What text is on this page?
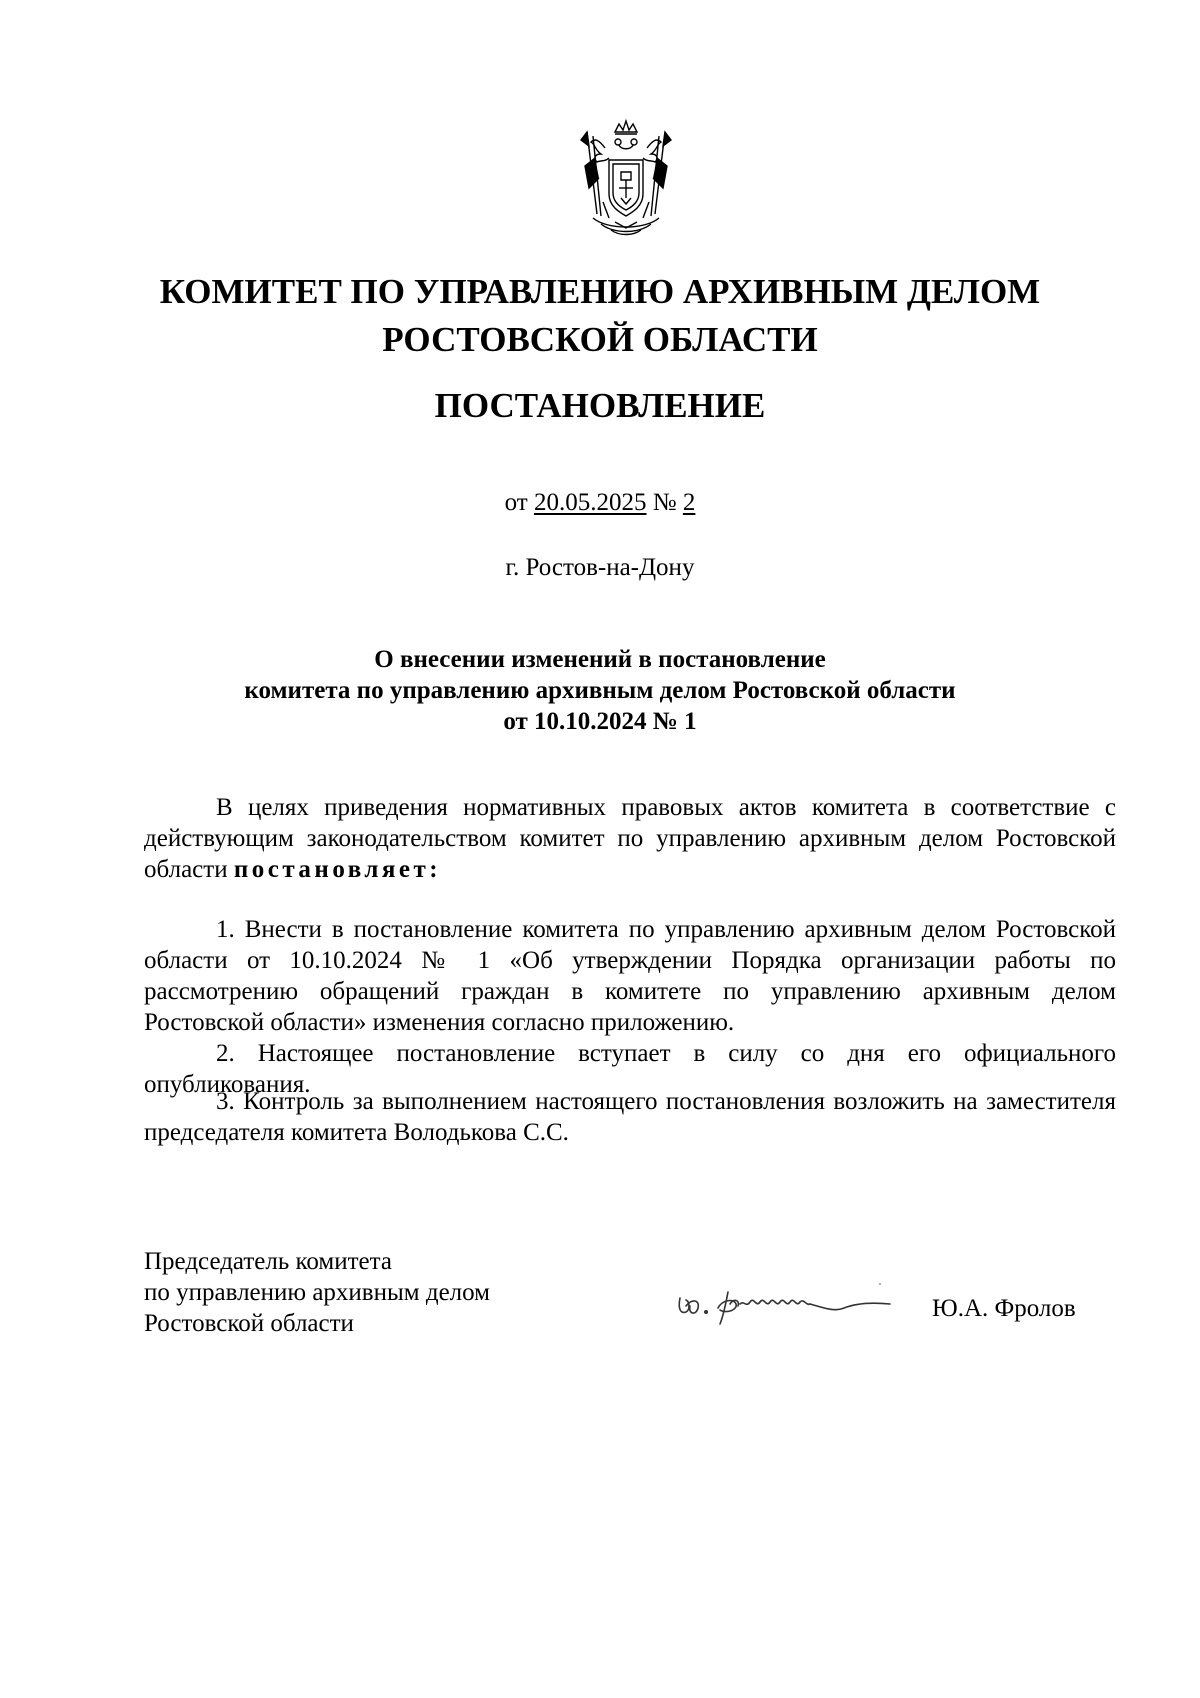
КОМИТЕТ ПО УПРАВЛЕНИЮ АРХИВНЫМ ДЕЛОМ
РОСТОВСКОЙ ОБЛАСТИ
ПОСТАНОВЛЕНИЕ
от 20.05.2025 № 2
г. Ростов-на-Дону
О внесении изменений в постановление
комитета по управлению архивным делом Ростовской области
от 10.10.2024 № 1

В целях приведения нормативных правовых актов комитета в соответствие с действующим законодательством комитет по управлению архивным делом Ростовской области постановляет:

1. Внести в постановление комитета по управлению архивным делом Ростовской области от 10.10.2024 № 1 «Об утверждении Порядка организации работы по рассмотрению обращений граждан в комитете по управлению архивным делом Ростовской области» изменения согласно приложению.

2. Настоящее постановление вступает в силу со дня его официального опубликования.

3. Контроль за выполнением настоящего постановления возложить на заместителя председателя комитета Володькова С.С.

Председатель комитета
по управлению архивным делом
Ростовской области
Ю.А. Фролов
